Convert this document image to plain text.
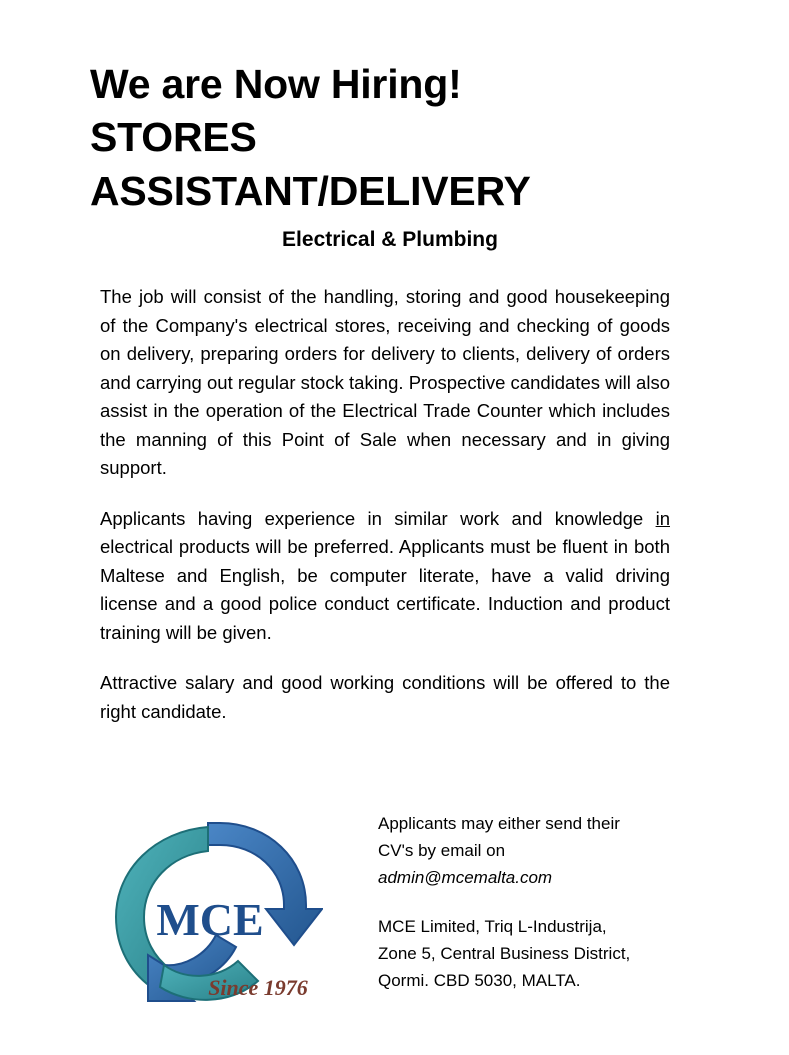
We are Now Hiring!
STORES
ASSISTANT/DELIVERY
Electrical & Plumbing

The job will consist of the handling, storing and good housekeeping of the Company's electrical stores, receiving and checking of goods on delivery, preparing orders for delivery to clients, delivery of orders and carrying out regular stock taking. Prospective candidates will also assist in the operation of the Electrical Trade Counter which includes the manning of this Point of Sale when necessary and in giving support.

Applicants having experience in similar work and knowledge in electrical products will be preferred. Applicants must be fluent in both Maltese and English, be computer literate, have a valid driving license and a good police conduct certificate. Induction and product training will be given.

Attractive salary and good working conditions will be offered to the right candidate.

MCE
Since 1976

Applicants may either send their

CV's by email on

admin@mcemalta.com

MCE Limited, Triq L-Industrija,

Zone 5, Central Business District,

Qormi. CBD 5030, MALTA.
